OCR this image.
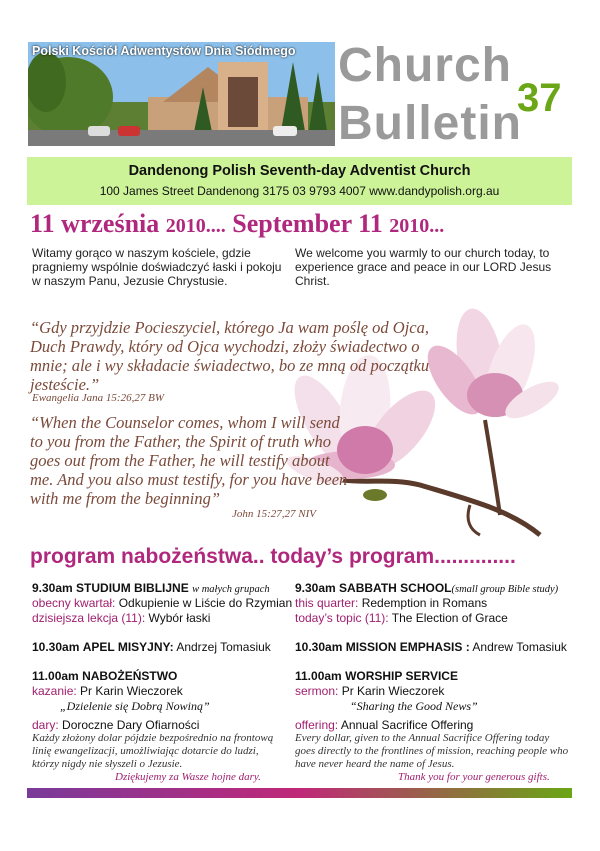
Polski Kościół Adwentystów Dnia Siódmego Church
Bulletin
37
Dandenong Polish Seventh-day Adventist Church
100 James Street Dandenong 3175 03 9793 4007 www.dandypolish.org.au
11 września 2010.... September 11 2010...
Witamy gorąco w naszym kościele, gdzie pragniemy wspólnie doświadczyć łaski i pokoju w naszym Panu, Jezusie Chrystusie.
We welcome you warmly to our church today, to experience grace and peace in our LORD Jesus Christ.
“Gdy przyjdzie Pocieszyciel, którego Ja wam poślę od Ojca, Duch Prawdy, który od Ojca wychodzi, złoży świadectwo o mnie; ale i wy składacie świadectwo, bo ze mną od początku jesteście.”
Ewangelia Jana 15:26,27 BW
“When the Counselor comes, whom I will send to you from the Father, the Spirit of truth who goes out from the Father, he will testify about me. And you also must testify, for you have been with me from the beginning”
John 15:27,27 NIV
program nabożeństwa.. today’s program..............
9.30am STUDIUM BIBLIJNE w małych grupach
obecny kwartał: Odkupienie w Liście do Rzymian
dzisiejsza lekcja (11): Wybór łaski
10.30am APEL MISYJNY: Andrzej Tomasiuk
11.00am NABOŻEŃSTWO
kazanie: Pr Karin Wieczorek
„Dzielenie się Dobrą Nowiną”
dary: Doroczne Dary Ofiarności
Każdy złożony dolar pójdzie bezpośrednio na frontową linię ewangelizacji, umożliwiając dotarcie do ludzi, którzy nigdy nie słyszeli o Jezusie.
Dziękujemy za Wasze hojne dary.
9.30am SABBATH SCHOOL(small group Bible study)
this quarter: Redemption in Romans
today’s topic (11): The Election of Grace
10.30am MISSION EMPHASIS : Andrew Tomasiuk
11.00am WORSHIP SERVICE
sermon: Pr Karin Wieczorek
“Sharing the Good News”
offering: Annual Sacrifice Offering
Every dollar, given to the Annual Sacrifice Offering today goes directly to the frontlines of mission, reaching people who have never heard the name of Jesus.
Thank you for your generous gifts.
